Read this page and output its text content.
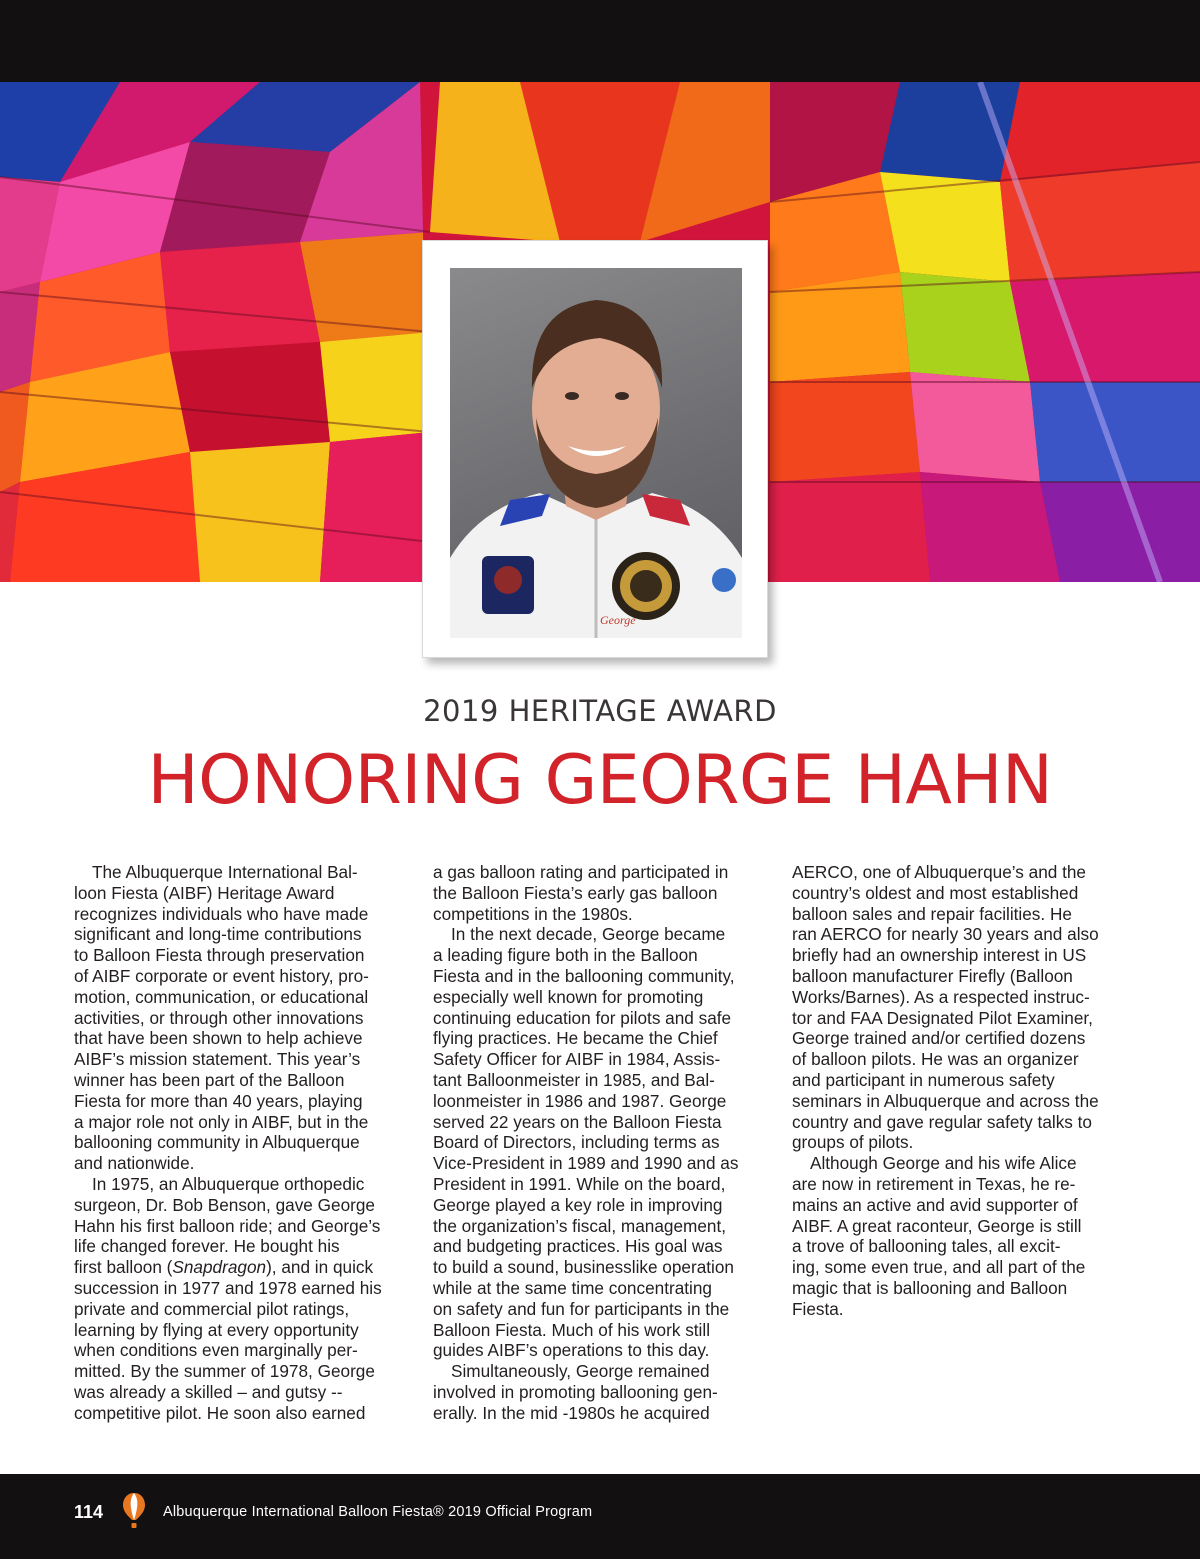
George
2019 HERITAGE AWARD
HONORING GEORGE HAHN
The Albuquerque International Bal-
loon Fiesta (AIBF) Heritage Award
recognizes individuals who have made
significant and long-time contributions
to Balloon Fiesta through preservation
of AIBF corporate or event history, pro-
motion, communication, or educational
activities, or through other innovations
that have been shown to help achieve
AIBF’s mission statement. This year’s
winner has been part of the Balloon
Fiesta for more than 40 years, playing
a major role not only in AIBF, but in the
ballooning community in Albuquerque
and nationwide.
In 1975, an Albuquerque orthopedic
surgeon, Dr. Bob Benson, gave George
Hahn his first balloon ride; and George’s
life changed forever. He bought his
first balloon (Snapdragon), and in quick
succession in 1977 and 1978 earned his
private and commercial pilot ratings,
learning by flying at every opportunity
when conditions even marginally per-
mitted. By the summer of 1978, George
was already a skilled – and gutsy --
competitive pilot. He soon also earned
a gas balloon rating and participated in
the Balloon Fiesta’s early gas balloon
competitions in the 1980s.
In the next decade, George became
a leading figure both in the Balloon
Fiesta and in the ballooning community,
especially well known for promoting
continuing education for pilots and safe
flying practices. He became the Chief
Safety Officer for AIBF in 1984, Assis-
tant Balloonmeister in 1985, and Bal-
loonmeister in 1986 and 1987. George
served 22 years on the Balloon Fiesta
Board of Directors, including terms as
Vice-President in 1989 and 1990 and as
President in 1991. While on the board,
George played a key role in improving
the organization’s fiscal, management,
and budgeting practices. His goal was
to build a sound, businesslike operation
while at the same time concentrating
on safety and fun for participants in the
Balloon Fiesta. Much of his work still
guides AIBF’s operations to this day.
Simultaneously, George remained
involved in promoting ballooning gen-
erally. In the mid -1980s he acquired
AERCO, one of Albuquerque’s and the
country’s oldest and most established
balloon sales and repair facilities. He
ran AERCO for nearly 30 years and also
briefly had an ownership interest in US
balloon manufacturer Firefly (Balloon
Works/Barnes). As a respected instruc-
tor and FAA Designated Pilot Examiner,
George trained and/or certified dozens
of balloon pilots. He was an organizer
and participant in numerous safety
seminars in Albuquerque and across the
country and gave regular safety talks to
groups of pilots.
Although George and his wife Alice
are now in retirement in Texas, he re-
mains an active and avid supporter of
AIBF. A great raconteur, George is still
a trove of ballooning tales, all excit-
ing, some even true, and all part of the
magic that is ballooning and Balloon
Fiesta.
114	Albuquerque International Balloon Fiesta® 2019 Official Program
